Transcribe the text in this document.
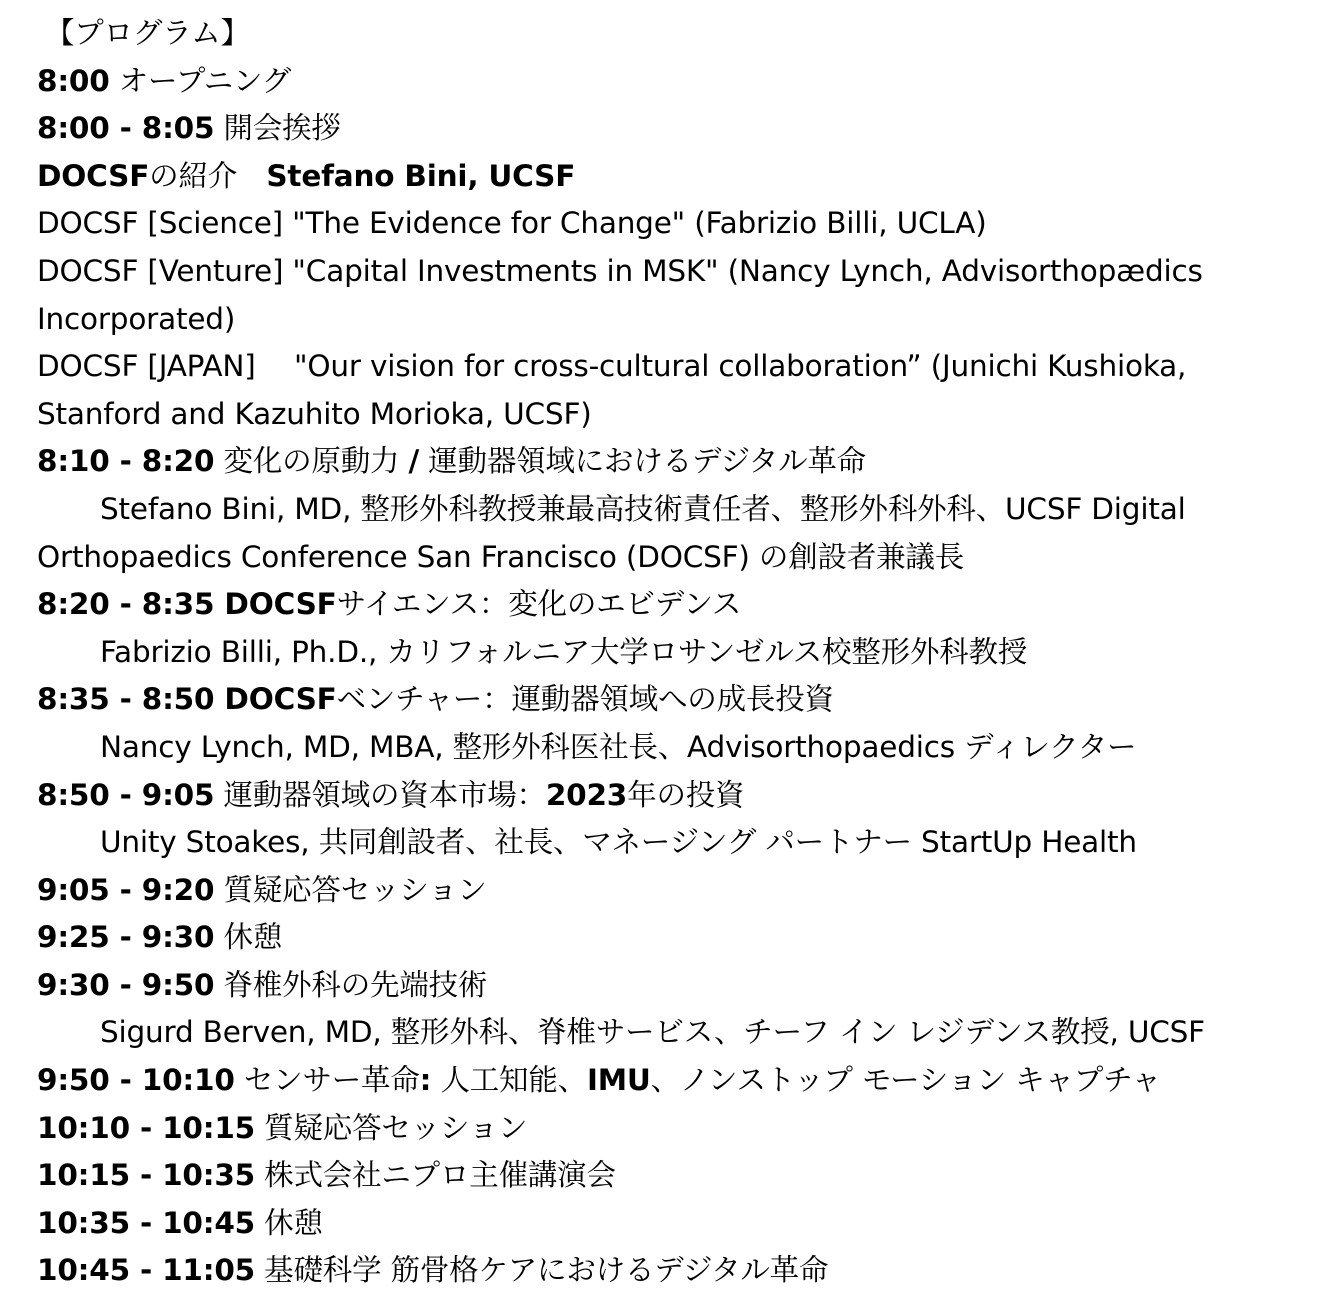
【プログラム】
8:00 オープニング
8:00 - 8:05 開会挨拶
DOCSFの紹介　Stefano Bini, UCSF
DOCSF [Science] "The Evidence for Change" (Fabrizio Billi, UCLA)
DOCSF [Venture] "Capital Investments in MSK" (Nancy Lynch, Advisorthopædics
Incorporated)
DOCSF [JAPAN]　 "Our vision for cross-cultural collaboration” (Junichi Kushioka,
Stanford and Kazuhito Morioka, UCSF)
8:10 - 8:20 変化の原動力 / 運動器領域におけるデジタル革命
Stefano Bini, MD, 整形外科教授兼最高技術責任者、整形外科外科、UCSF Digital
Orthopaedics Conference San Francisco (DOCSF) の創設者兼議長
8:20 - 8:35 DOCSFサイエンス：変化のエビデンス
Fabrizio Billi, Ph.D., カリフォルニア大学ロサンゼルス校整形外科教授
8:35 - 8:50 DOCSFベンチャー：運動器領域への成長投資
Nancy Lynch, MD, MBA, 整形外科医社長、Advisorthopaedics ディレクター
8:50 - 9:05 運動器領域の資本市場：2023年の投資
Unity Stoakes, 共同創設者、社長、マネージング パートナー StartUp Health
9:05 - 9:20 質疑応答セッション
9:25 - 9:30 休憩
9:30 - 9:50 脊椎外科の先端技術
Sigurd Berven, MD, 整形外科、脊椎サービス、チーフ イン レジデンス教授, UCSF
9:50 - 10:10 センサー革命: 人工知能、IMU、ノンストップ モーション キャプチャ
10:10 - 10:15 質疑応答セッション
10:15 - 10:35 株式会社ニプロ主催講演会
10:35 - 10:45 休憩
10:45 - 11:05 基礎科学 筋骨格ケアにおけるデジタル革命
